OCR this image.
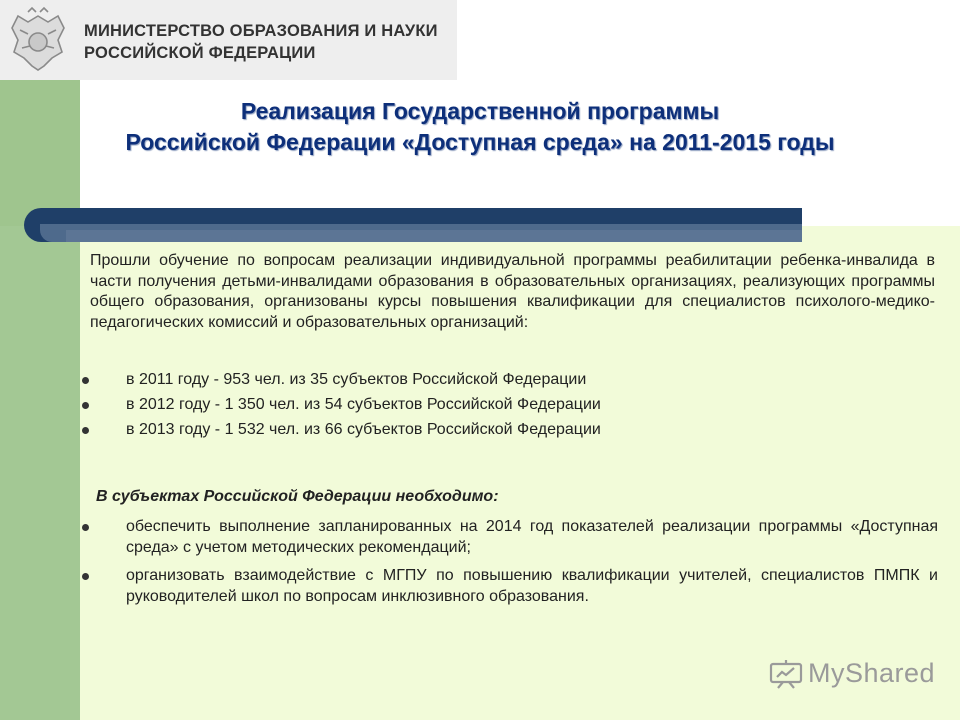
МИНИСТЕРСТВО ОБРАЗОВАНИЯ И НАУКИ
РОССИЙСКОЙ ФЕДЕРАЦИИ
Реализация Государственной программы
Российской Федерации «Доступная среда» на 2011-2015 годы
Прошли обучение по вопросам реализации индивидуальной программы реабилитации ребенка-инвалида в части получения детьми-инвалидами образования в образовательных организациях, реализующих программы общего образования, организованы курсы повышения квалификации для специалистов психолого-медико-педагогических комиссий и образовательных организаций:
в 2011 году - 953 чел. из 35 субъектов Российской Федерации
в 2012 году - 1 350 чел. из 54 субъектов Российской Федерации
в 2013 году - 1 532 чел. из 66 субъектов Российской Федерации
В субъектах Российской Федерации необходимо:
обеспечить выполнение запланированных на 2014 год показателей реализации программы «Доступная среда» с учетом методических рекомендаций;
организовать взаимодействие с МГПУ по повышению квалификации учителей, специалистов ПМПК и руководителей школ по вопросам инклюзивного образования.
MyShared
